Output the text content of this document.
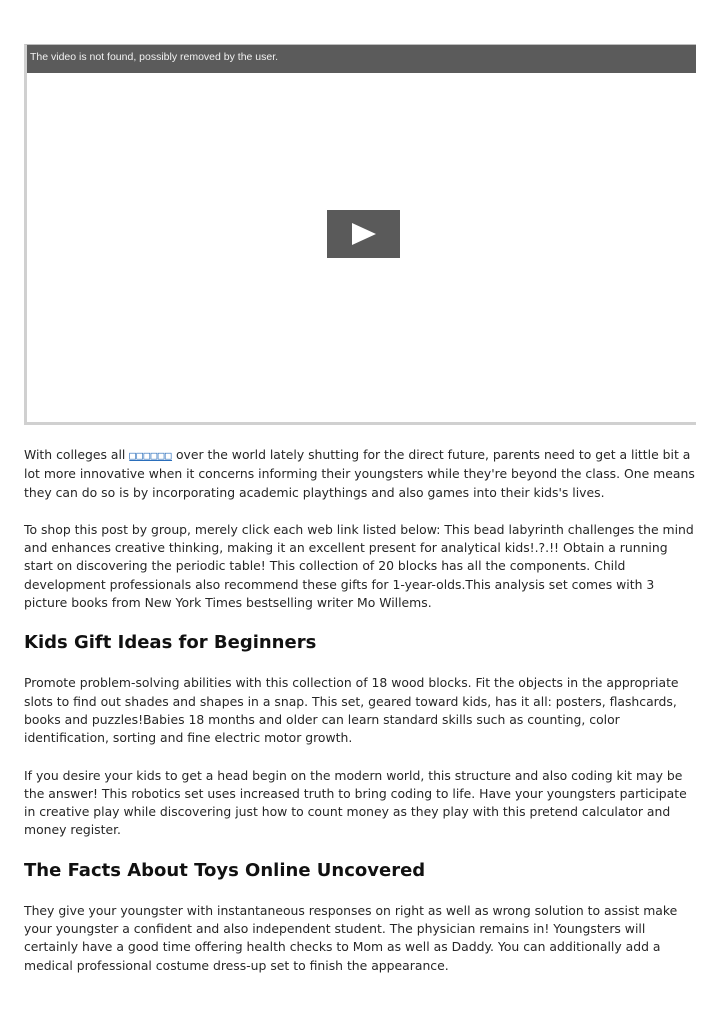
The video is not found, possibly removed by the user.

With colleges all □□□□□□ over the world lately shutting for the direct future, parents need to get a little bit a lot more innovative when it concerns informing their youngsters while they're beyond the class. One means they can do so is by incorporating academic playthings and also games into their kids's lives.

To shop this post by group, merely click each web link listed below: This bead labyrinth challenges the mind and enhances creative thinking, making it an excellent present for analytical kids!.?.!! Obtain a running start on discovering the periodic table! This collection of 20 blocks has all the components. Child development professionals also recommend these gifts for 1-year-olds.This analysis set comes with 3 picture books from New York Times bestselling writer Mo Willems.

Kids Gift Ideas for Beginners

Promote problem-solving abilities with this collection of 18 wood blocks. Fit the objects in the appropriate slots to find out shades and shapes in a snap. This set, geared toward kids, has it all: posters, flashcards, books and puzzles!Babies 18 months and older can learn standard skills such as counting, color identification, sorting and fine electric motor growth.

If you desire your kids to get a head begin on the modern world, this structure and also coding kit may be the answer! This robotics set uses increased truth to bring coding to life. Have your youngsters participate in creative play while discovering just how to count money as they play with this pretend calculator and money register.

The Facts About Toys Online Uncovered

They give your youngster with instantaneous responses on right as well as wrong solution to assist make your youngster a confident and also independent student. The physician remains in! Youngsters will certainly have a good time offering health checks to Mom as well as Daddy. You can additionally add a medical professional costume dress-up set to finish the appearance.
